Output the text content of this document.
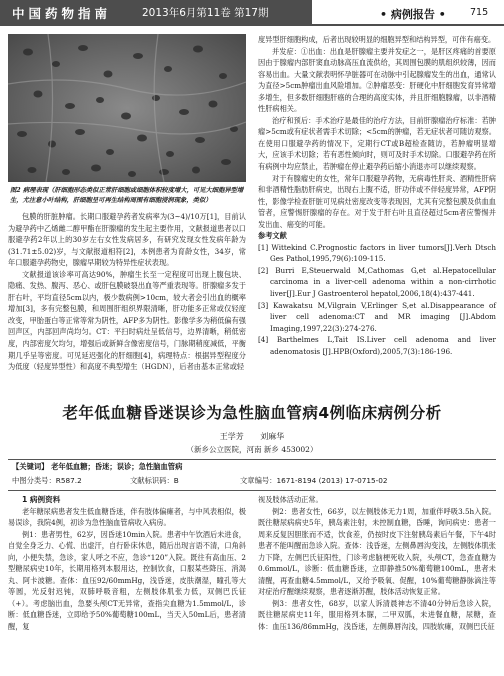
中国药物指南	2013年6月第11卷 第17期	• 病例报告 •	715
图2 病理表现（肝细胞形态类似正常肝细胞或细胞体积较度增大，可见大细胞异型增生，尤注意小叶结构，肝细胞呈可再生结构周围有细胞浸润现象，类似）

包膜的肝脏肿瘤。长期口服避孕药者发病率为(3~4)/10万[1]，目前认为避孕药中乙烯雌二醇甲酯在肝腺瘤的发生起主要作用，文献报道患者以口服避孕药2年以上的30岁左右女性发病居多，有研究发现女性发病年龄为(31.71±5.02)岁，与文献报道相符[2]，本例患者为育龄女性，34岁，常年口服避孕药物史，腺瘤早期较为特异性症状表现。

文献报道该诊率可高达90%，肿瘤生长至一定程度可出现上腹包块、隐痛、发热、腹泻、恶心、或肝包膜破裂出血等严重表现等。肝腺瘤多发于肝右叶，平均直径5cm以内，极少数病例>10cm，较大者会引出血的概率增加[3]，多有完整包膜，和周围肝组织界限清晰，肝功能多正常或仅轻度改变，甲胎蛋白等正常等常为阴性，AFP多为阴性。影像学多为稍低偏有强回声区，内部回声尚均匀。CT：平扫时病灶呈低信号，边界清晰，稍低密度，内部密度欠均匀，增强后或新鲜含像密度信号，门脉期稍度减低，平衡期几乎呈等密度。可见延迟强化的肝细胞[4]，病理特点：根据异型程度分为低度（轻度异型性）和高度不典型增生（HGDN），后者由基本正常或轻

度异型肝细胞构成，后者出现较明显的细胞异型和结构异型，可伴有癌变。

并发症：①出血：出血是肝腺瘤主要并发症之一，是肝区疼痛的首要原因由于腺瘤内部肝窦血动脉高压血流供给，其周围包膜的肌组织较薄，因而容易出血。大量文献表明怀孕脏器可在动脉中引起腺瘤发生的出血，通常认为直径>5cm肿瘤出血风险增加。②肿瘤恶变：肝硬化中肝细胞发育异常增多增生，但多数肝细胞肝癌的合理的高度实体，并且肝细胞腺瘤，以非酒精性肝病相关。

治疗和预后：手术治疗是最佳的治疗方法，目前肝腺瘤治疗标准：若肿瘤>5cm或有症状者需手术切除；<5cm的肿瘤，若无症状者可随访观察。在使用口服避孕药的情况下，定期行CT或B超检查随访，若肿瘤明显增大，应该手术切除；若有恶性倾向时，则可及时手术切除。口服避孕药在所有病例中均应禁止，若肿瘤在停止避孕药后缩小消退亦可以继续观察。

对于有腺瘤史的女性，常年口服避孕药物，无病毒性肝炎、酒精性肝病和非酒精性脂肪肝病史，出现右上腹不适，肝功伴或不伴轻度异常，AFP阴性，影像学检查肝脏可见病灶密度改变等表现因，尤其有完整包膜及供血血管者，应警惕肝腺瘤的存在。对于发于肝右叶且直径超过5cm者应警惕并发出血、癌变的可能。

参考文献

[1] Wittekind C.Prognostic factors in liver tumors[J].Verh Dtsch Ges Pathol,1995,79(6):109-115.

[2] Burri E,Steuerwald M,Cathomas G,et al.Hepatocellular carcinoma in a liver-cell adenoma within a non-cirrhotic liver[J].Eur J Gastroenterol hepatol,2006,18(4):437-441.

[3] Kawakatsu M,Vilgrain V,Erlinger S,et al.Disappearance of liver cell adenoma:CT and MR imaging [J].Abdom Imaging,1997,22(3):274-276.

[4] Barthelmes L,Tait IS.Liver cell adenoma and liver adenomatosis [J].HPB(Oxford),2005,7(3):186-196.

老年低血糖昏迷误诊为急性脑血管病4例临床病例分析
王学芳 刘麻华
（新乡公立医院，河南 新乡 453002）
【关键词】 老年低血糖；昏迷；误诊；急性脑血管病
中图分类号：R587.2	文献标识码：B	文章编号：1671-8194 (2013) 17-0715-02

1 病例资料

老年糖尿病患者发生低血糖昏迷，伴有肢体偏瘫者，与中风表相似，极易误诊，我院4例，初诊为急性脑血管病收入病房。

例1：患者男性，62岁，因昏迷10min入院。患者中午饮酒后未进食，自觉全身乏力、心慌、出虚汗，自行卧床休息，随后出现言语不清，口角斜向，小便失禁，急诊，家人呼之不应，急诊“120”入院。既往有高血压、2型糖尿病史10年，长期用格列本服用达，控制饮食，口服某些降压、消渴丸、阿卡波糖。查体：血压92/60mmHg，浅昏迷，皮肤潮湿，瞳孔等大等圆，光反射迟钝，双肺呼吸音粗，左侧肢体肌张力低，双侧巴氏征（+）。考虑脑出血，急要头颅CT无异常，查指尖血糖为1.5mmol/L，诊断：低血糖昏迷，立即给予50%葡萄糖100mL，当天入50mL后，患者清醒，复

视及肢体活动正常。

例2：患者女性，66岁，以左侧肢体无力1周，加重伴呼吸3.5h入院。既往糖尿病病史5年，胰岛素注射，未控制血糖，昏睡，询问病史：患者一周来反复因胆胀而不适，饮食差，仍按时皮下注射胰岛素后午餐，下午4时患者不能叫醒而急诊入院。查体：浅昏迷，左侧鼻唇沟变浅，左侧肢体肌张力下降，左侧巴氏征阳性，门诊考虑脑梗死收入院，头颅CT，急查血糖为0.6mmol/L，诊断：低血糖昏迷，立即静推50%葡萄糖100mL，患者未清醒，再查血糖4.5mmol/L，又给予吸氧、促醒，10%葡萄糖静脉滴注等对症治疗醒继续观察，患者逐渐苏醒，肢体活动恢复正常。

例3：患者女性，68岁，以家人诉清晨神志不清40分钟后急诊入院，既往糖尿病史11年，服用格列本脲，二甲双胍，未进餐血糖，尿糖，查体：血压136/86mmHg，浅昏迷，左侧鼻唇沟浅，四肢软瘫，双侧巴氏征
